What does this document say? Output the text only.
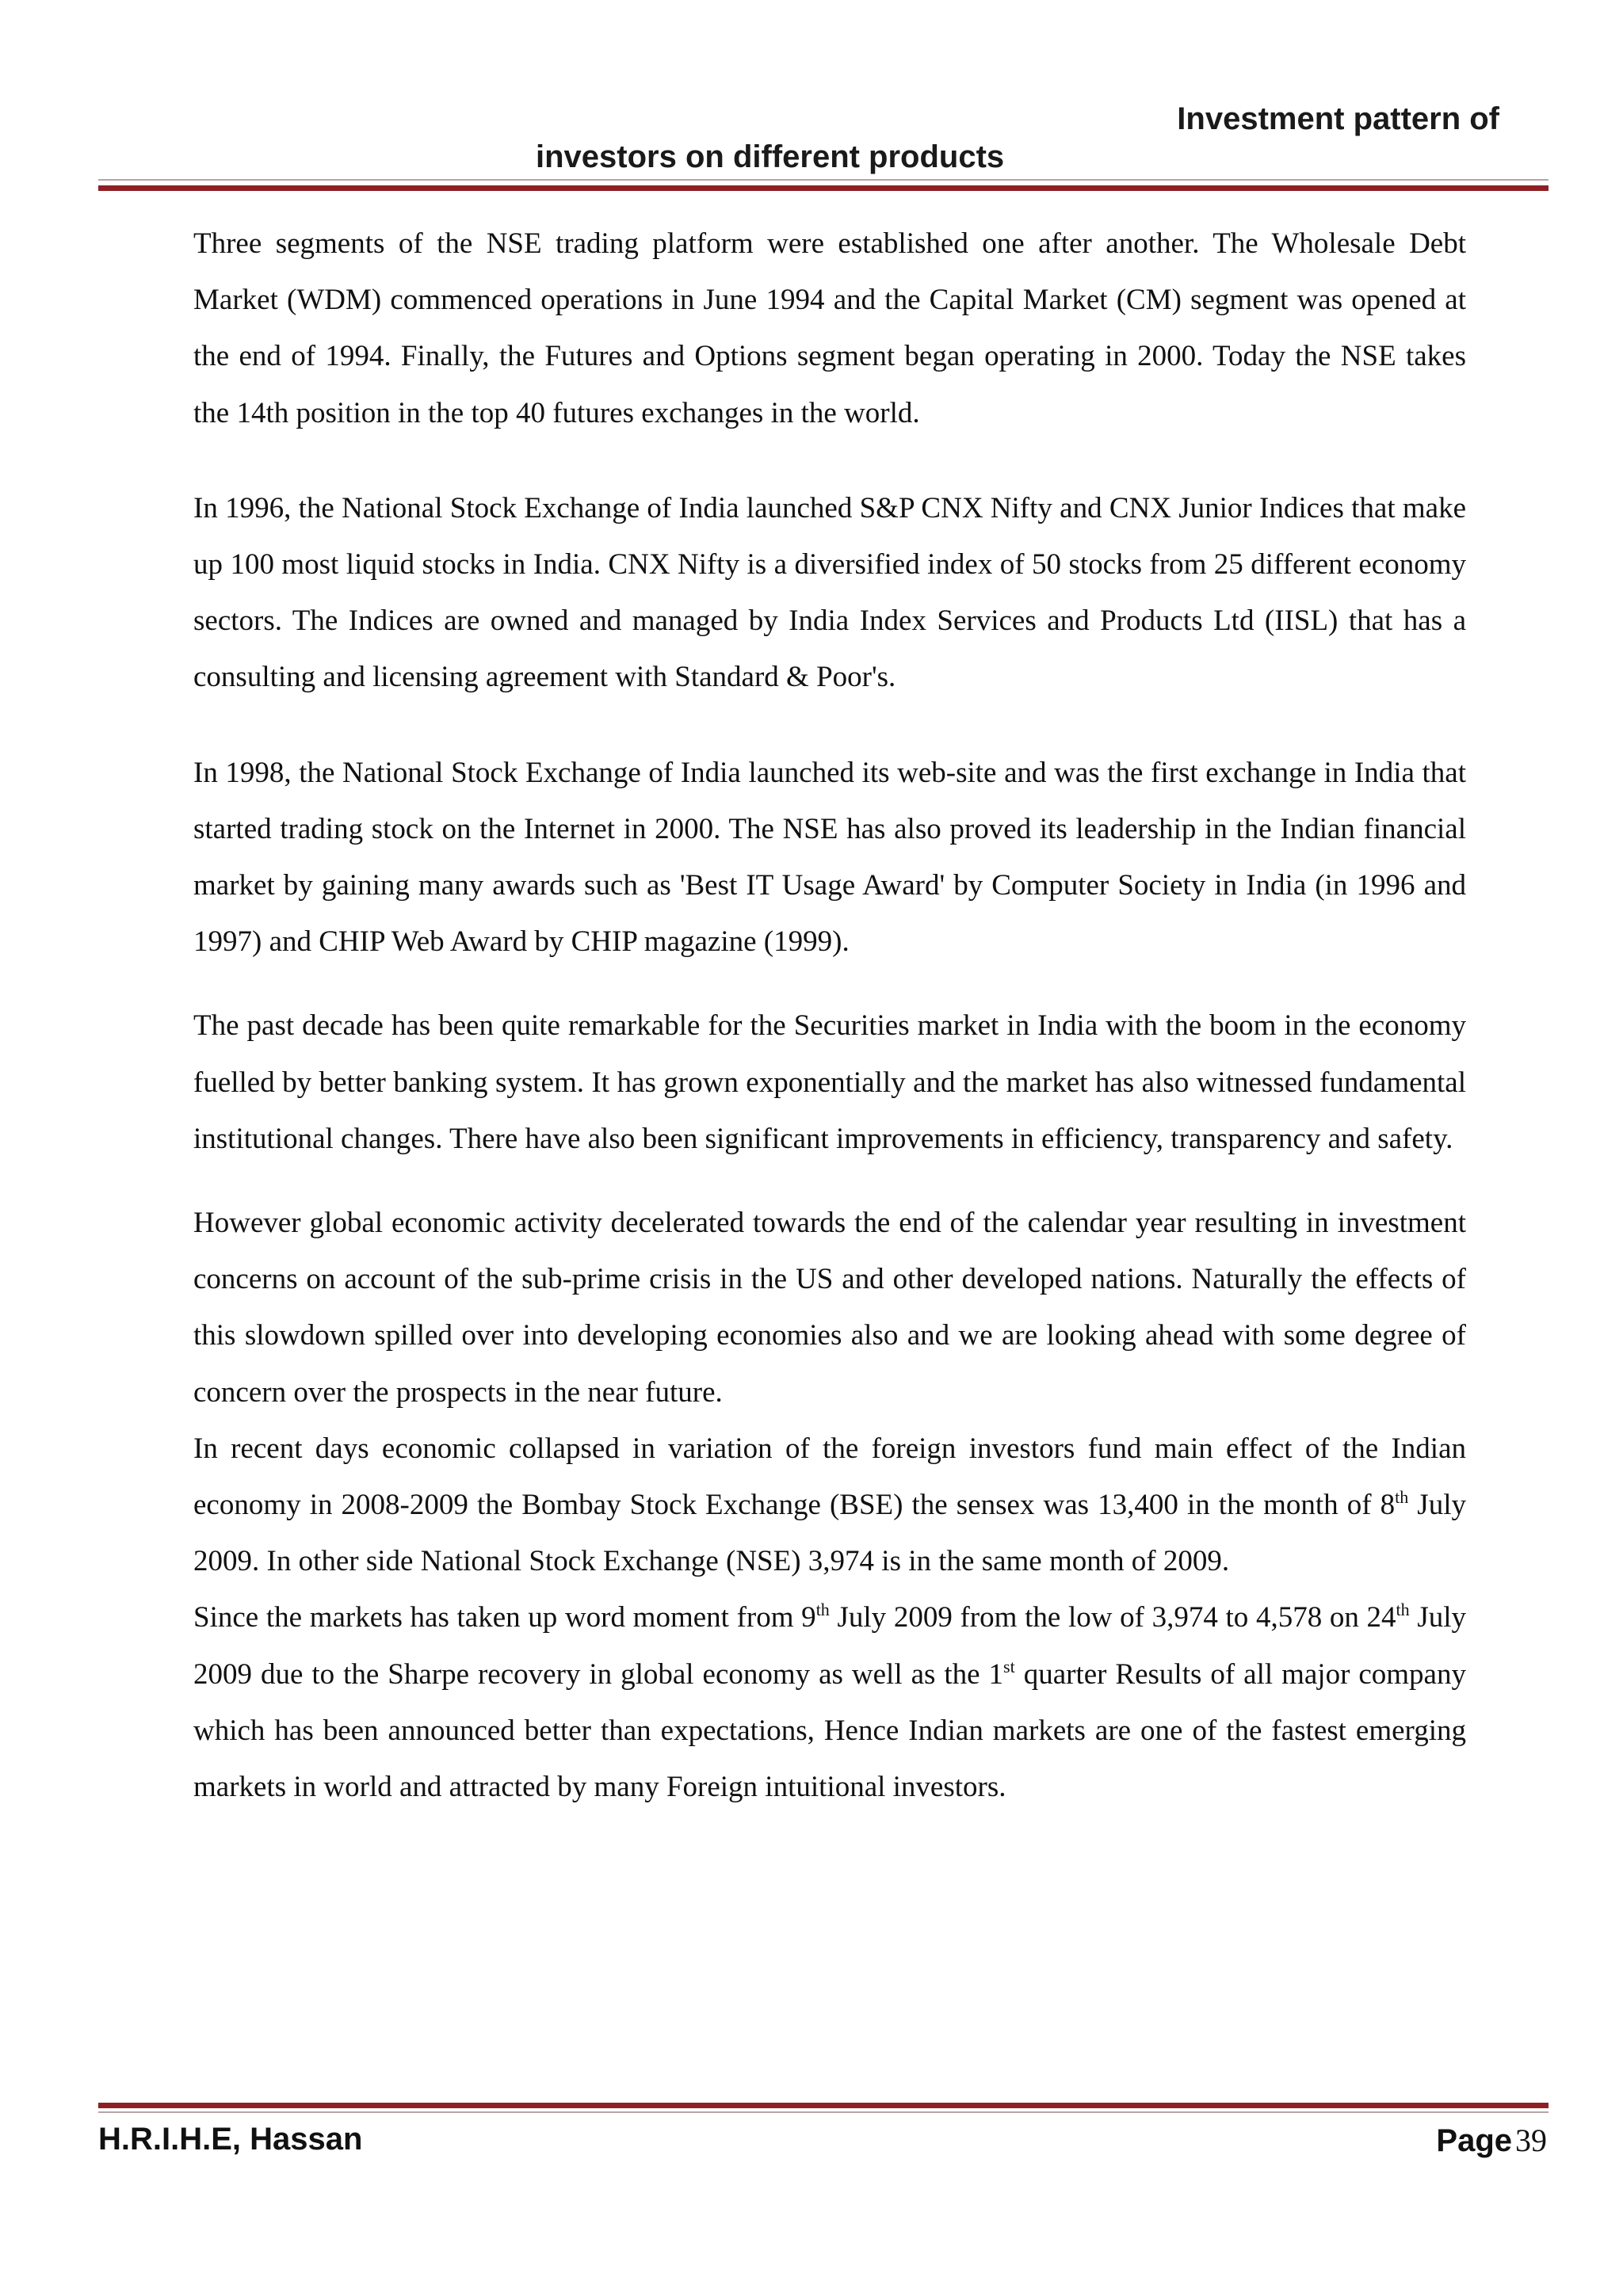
Investment pattern of
investors on different products

Three segments of the NSE trading platform were established one after another. The Wholesale Debt Market (WDM) commenced operations in June 1994 and the Capital Market (CM) segment was opened at the end of 1994. Finally, the Futures and Options segment began operating in 2000. Today the NSE takes the 14th position in the top 40 futures exchanges in the world.

In 1996, the National Stock Exchange of India launched S&P CNX Nifty and CNX Junior Indices that make up 100 most liquid stocks in India. CNX Nifty is a diversified index of 50 stocks from 25 different economy sectors. The Indices are owned and managed by India Index Services and Products Ltd (IISL) that has a consulting and licensing agreement with Standard & Poor's.

In 1998, the National Stock Exchange of India launched its web-site and was the first exchange in India that started trading stock on the Internet in 2000. The NSE has also proved its leadership in the Indian financial market by gaining many awards such as 'Best IT Usage Award' by Computer Society in India (in 1996 and 1997) and CHIP Web Award by CHIP magazine (1999).

The past decade has been quite remarkable for the Securities market in India with the boom in the economy fuelled by better banking system. It has grown exponentially and the market has also witnessed fundamental institutional changes. There have also been significant improvements in efficiency, transparency and safety.

However global economic activity decelerated towards the end of the calendar year resulting in investment concerns on account of the sub-prime crisis in the US and other developed nations. Naturally the effects of this slowdown spilled over into developing economies also and we are looking ahead with some degree of concern over the prospects in the near future.

In recent days economic collapsed in variation of the foreign investors fund main effect of the Indian economy in 2008-2009 the Bombay Stock Exchange (BSE) the sensex was 13,400 in the month of 8th July 2009. In other side National Stock Exchange (NSE) 3,974 is in the same month of 2009.

Since the markets has taken up word moment from 9th July 2009 from the low of 3,974 to 4,578 on 24th July 2009 due to the Sharpe recovery in global economy as well as the 1st quarter Results of all major company which has been announced better than expectations, Hence Indian markets are one of the fastest emerging markets in world and attracted by many Foreign intuitional investors.

H.R.I.H.E, Hassan	Page 39
